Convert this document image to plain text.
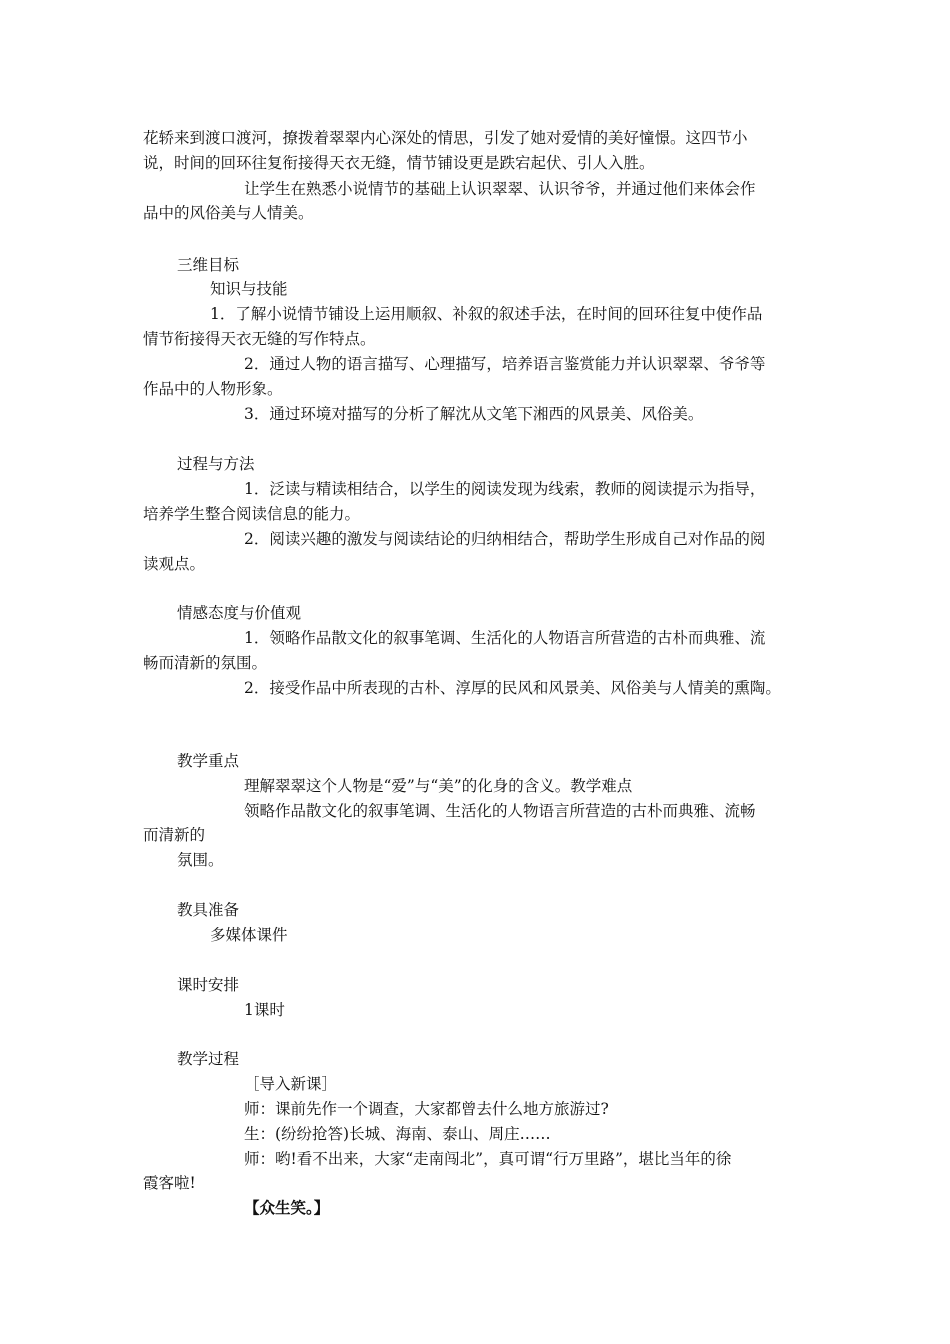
花轿来到渡口渡河，撩拨着翠翠内心深处的情思，引发了她对爱情的美好憧憬。这四节小

说，时间的回环往复衔接得天衣无缝，情节铺设更是跌宕起伏、引人入胜。

让学生在熟悉小说情节的基础上认识翠翠、认识爷爷，并通过他们来体会作

品中的风俗美与人情美。

三维目标

知识与技能

1．了解小说情节铺设上运用顺叙、补叙的叙述手法，在时间的回环往复中使作品

情节衔接得天衣无缝的写作特点。

2．通过人物的语言描写、心理描写，培养语言鉴赏能力并认识翠翠、爷爷等

作品中的人物形象。

3．通过环境对描写的分析了解沈从文笔下湘西的风景美、风俗美。

过程与方法

1．泛读与精读相结合，以学生的阅读发现为线索，教师的阅读提示为指导，

培养学生整合阅读信息的能力。

2．阅读兴趣的激发与阅读结论的归纳相结合，帮助学生形成自己对作品的阅

读观点。

情感态度与价值观

1．领略作品散文化的叙事笔调、生活化的人物语言所营造的古朴而典雅、流

畅而清新的氛围。

2．接受作品中所表现的古朴、淳厚的民风和风景美、风俗美与人情美的熏陶。

教学重点

理解翠翠这个人物是“爱”与“美”的化身的含义。教学难点

领略作品散文化的叙事笔调、生活化的人物语言所营造的古朴而典雅、流畅

而清新的

氛围。

教具准备

多媒体课件

课时安排

1课时

教学过程

［导入新课］

师：课前先作一个调查，大家都曾去什么地方旅游过?

生：(纷纷抢答)长城、海南、泰山、周庄……

师：哟!看不出来，大家“走南闯北”，真可谓“行万里路”，堪比当年的徐

霞客啦!

【众生笑。】
